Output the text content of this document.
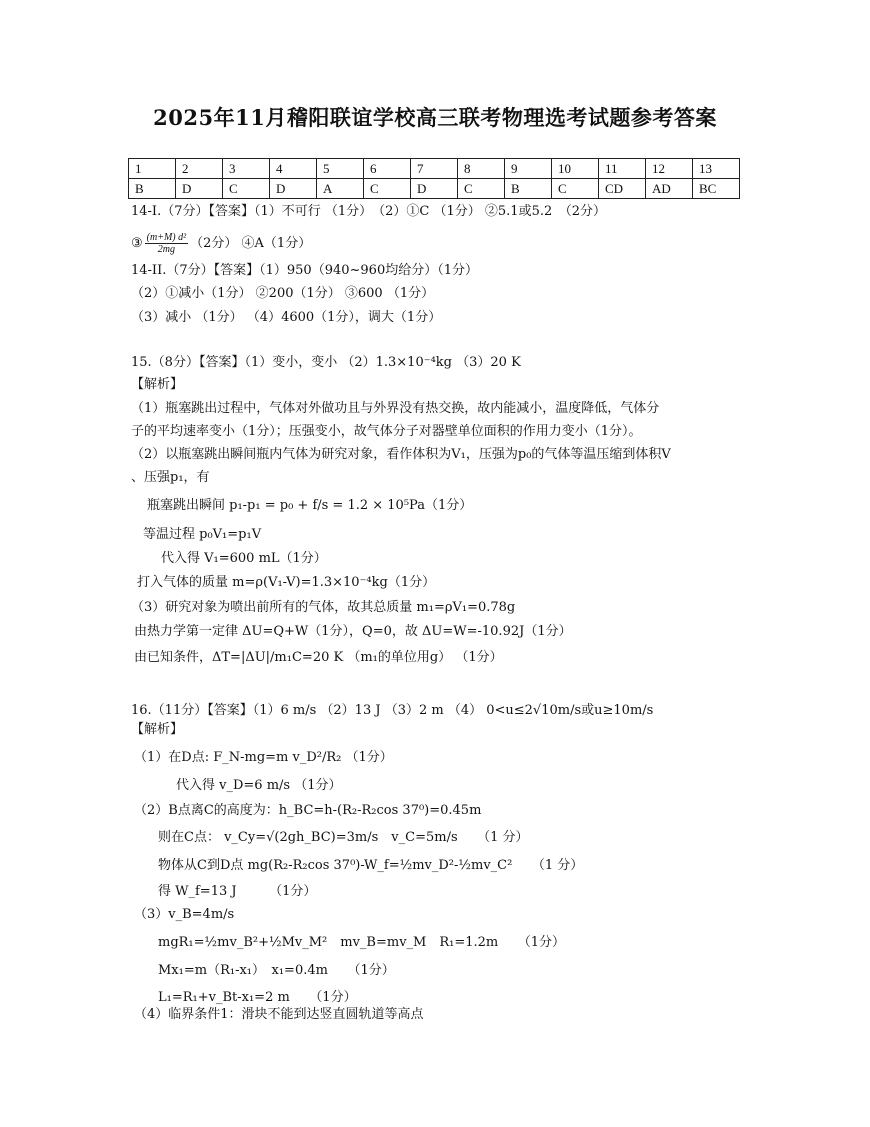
2025年11月稽阳联谊学校高三联考物理选考试题参考答案
1	2	3	4	5	6	7	8	9	10	11	12	13
B	D	C	D	A	C	D	C	B	C	CD	AD	BC
14-I.（7分）【答案】（1）不可行 （1分）　（2）①C （1分） ②5.1或5.2　（2分）
③ $\frac{\text{(m+M) d²}}{2mg} (2$分） ④A（1分）
14-II.（7分）【答案】（1）950（940~960均给分）（1分）
（2）①减小（1分） ②200（1分） ③600 （1分）
（3）减小 （1分） （4）4600（1分），调大（1分）
15.（8分）【答案】（1）变小，变小 （2）1.3×10⁻⁴kg （3）20 K
【解析】
（1）瓶塞跳出过程中，气体对外做功且与外界没有热交换，故内能减小，温度降低，气体分
子的平均速率变小（1分）；压强变小，故气体分子对器壁单位面积的作用力变小（1分）。
（2）以瓶塞跳出瞬间瓶内气体为研究对象，看作体积为V₁，压强为p₀的气体等温压缩到体积V
、压强p₁，有
瓶塞跳出瞬间 p₁-p₁ = p₀ + f/s = 1.2 × 10⁵Pa（1分）
等温过程 p₀V₁=p₁V
代入得 V₁=600 mL（1分）
打入气体的质量 m=ρ(V₁-V)=1.3×10⁻⁴kg（1分）
（3）研究对象为喷出前所有的气体，故其总质量 m₁=ρV₁=0.78g
由热力学第一定律 ΔU=Q+W（1分），Q=0，故 ΔU=W=-10.92J（1分）
由已知条件，ΔT=|ΔU|/m₁C=20 K （m₁的单位用g） （1分）
16.（11分）【答案】（1）6 m/s （2）13 J （3）2 m （4） 0<u≤2√10m/s或u≥10m/s
【解析】
（1）在D点: F_N-mg=m v_D²/R₂ （1分）
代入得 v_D=6 m/s （1分）
（2）B点离C的高度为：h_BC=h-(R₂-R₂cos 37⁰)=0.45m
则在C点： v_Cy=√(2gh_BC)=3m/s　v_C=5m/s　　（1 分）
物体从C到D点 mg(R₂-R₂cos 37⁰)-W_f=½mv_D²-½mv_C²　　（1 分）
得 W_f=13 J　　　（1分）
（3）v_B=4m/s
mgR₁=½mv_B²+½Mv_M²　mv_B=mv_M　R₁=1.2m　　（1分）
Mx₁=m（R₁-x₁）　x₁=0.4m　　（1分）
L₁=R₁+v_Bt-x₁=2 m　　（1分）
（4）临界条件1：滑块不能到达竖直圆轨道等高点
